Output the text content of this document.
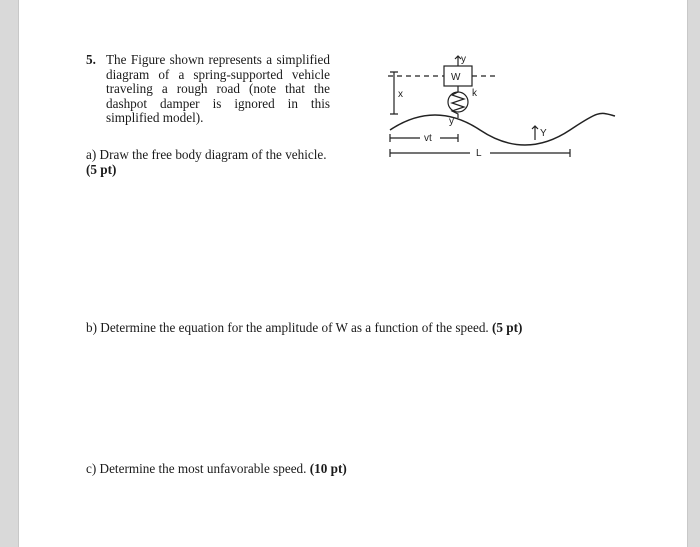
5. The Figure shown represents a simplified diagram of a spring-supported vehicle traveling a rough road (note that the dashpot damper is ignored in this simplified model).
a) Draw the free body diagram of the vehicle. (5 pt)
b) Determine the equation for the amplitude of W as a function of the speed. (5 pt)
c) Determine the most unfavorable speed. (10 pt)
W
y
x	k
y
Y
vt
L
